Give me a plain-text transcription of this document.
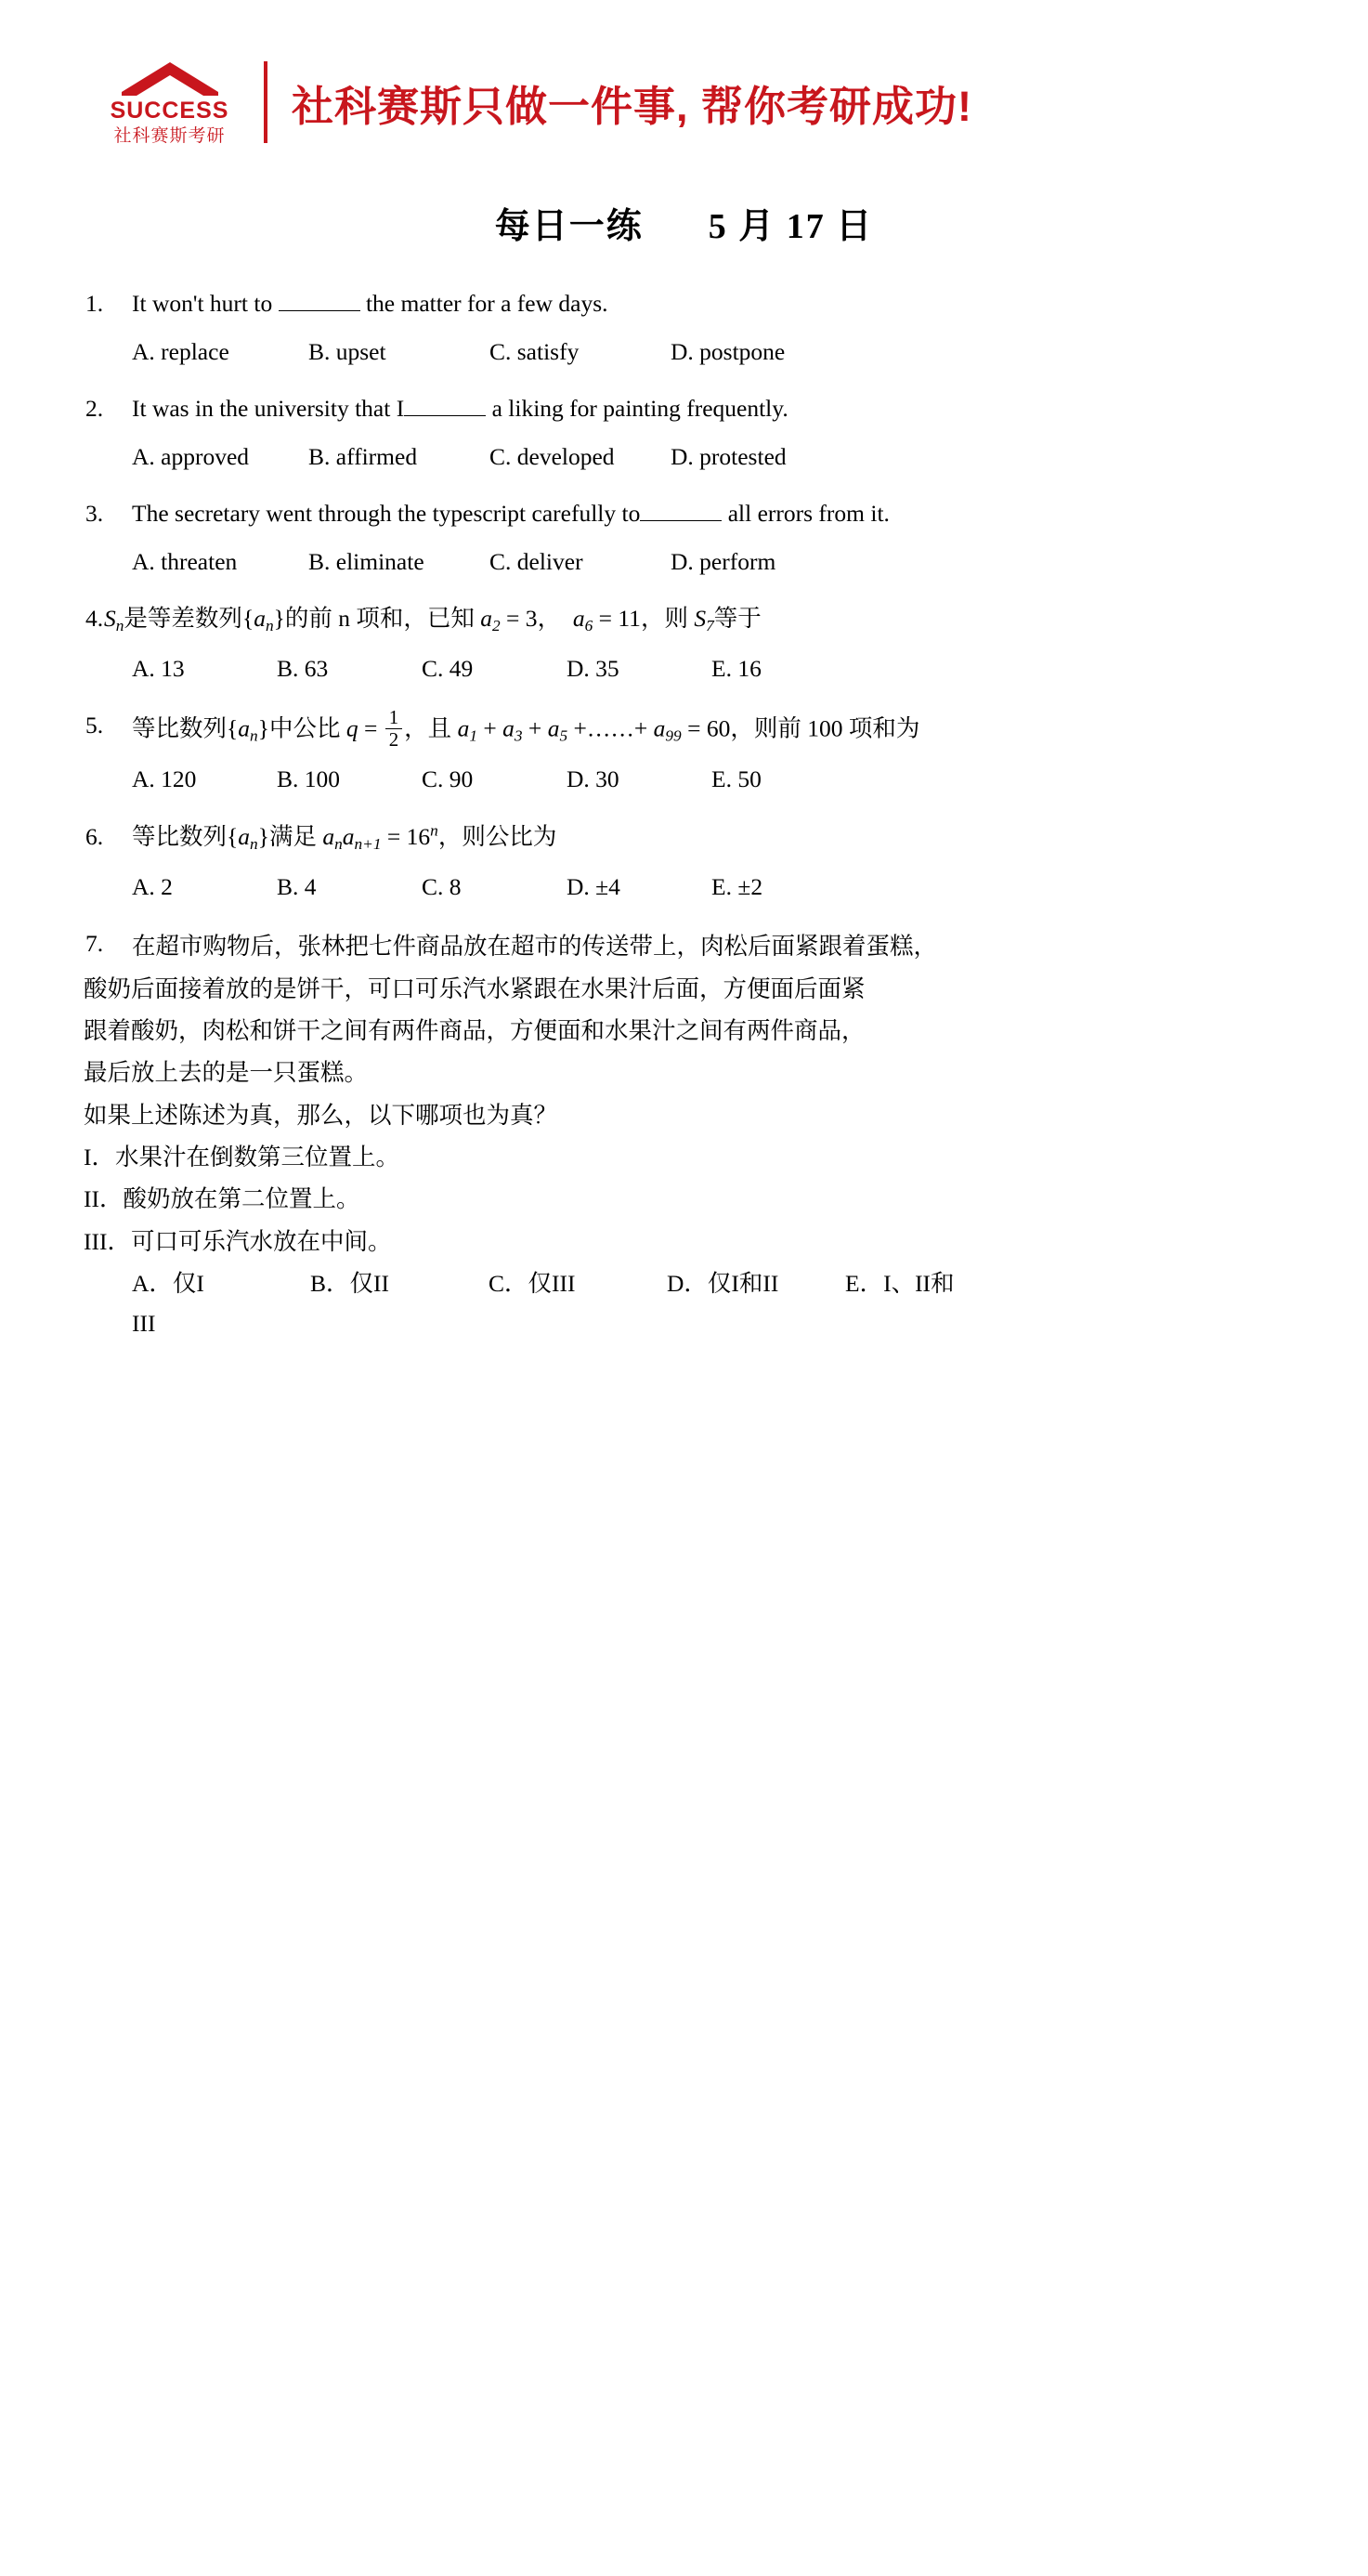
SUCCESS
社科赛斯考研
社科赛斯只做一件事, 帮你考研成功!
每日一练 5 月 17 日
1.	It won't hurt to	the matter for a few days.
A. replace	B. upset	C. satisfy	D. postpone
2.	It was in the university that I	a liking for painting frequently.
A. approved	B. affirmed	C. developed	D. protested
3.	The secretary went through the typescript carefully to	all errors from it.
A. threaten	B. eliminate	C. deliver	D. perform
4. $S_n$是等差数列$\{a_n\}$的前 n 项和，已知 $a_2 = 3$， $a_6 = 11$，则 $S_7$等于
A. 13	B. 63	C. 49	D. 35	E. 16
5.	等比数列$\{a_n\}$中公比 $q = \frac{1}{2}$ ，且 $a_1 + a_3 + a_5$ +……+ $a_{99} = 60$，则前 100 项和为
A. 120	B. 100	C. 90	D. 30	E. 50
6.	等比数列$\{a_n\}$满足 $a_na_{n+1} = 16^n$，则公比为
A. 2	B. 4	C. 8	D. ±4	E. ±2
7.	在超市购物后，张林把七件商品放在超市的传送带上，肉松后面紧跟着蛋糕，

酸奶后面接着放的是饼干，可口可乐汽水紧跟在水果汁后面，方便面后面紧

跟着酸奶，肉松和饼干之间有两件商品，方便面和水果汁之间有两件商品，

最后放上去的是一只蛋糕。

如果上述陈述为真，那么，以下哪项也为真？

I．水果汁在倒数第三位置上。

II．酸奶放在第二位置上。

III．可口可乐汽水放在中间。

A．仅I	B．仅II	C．仅III	D．仅I和II	E．I、II和
III
